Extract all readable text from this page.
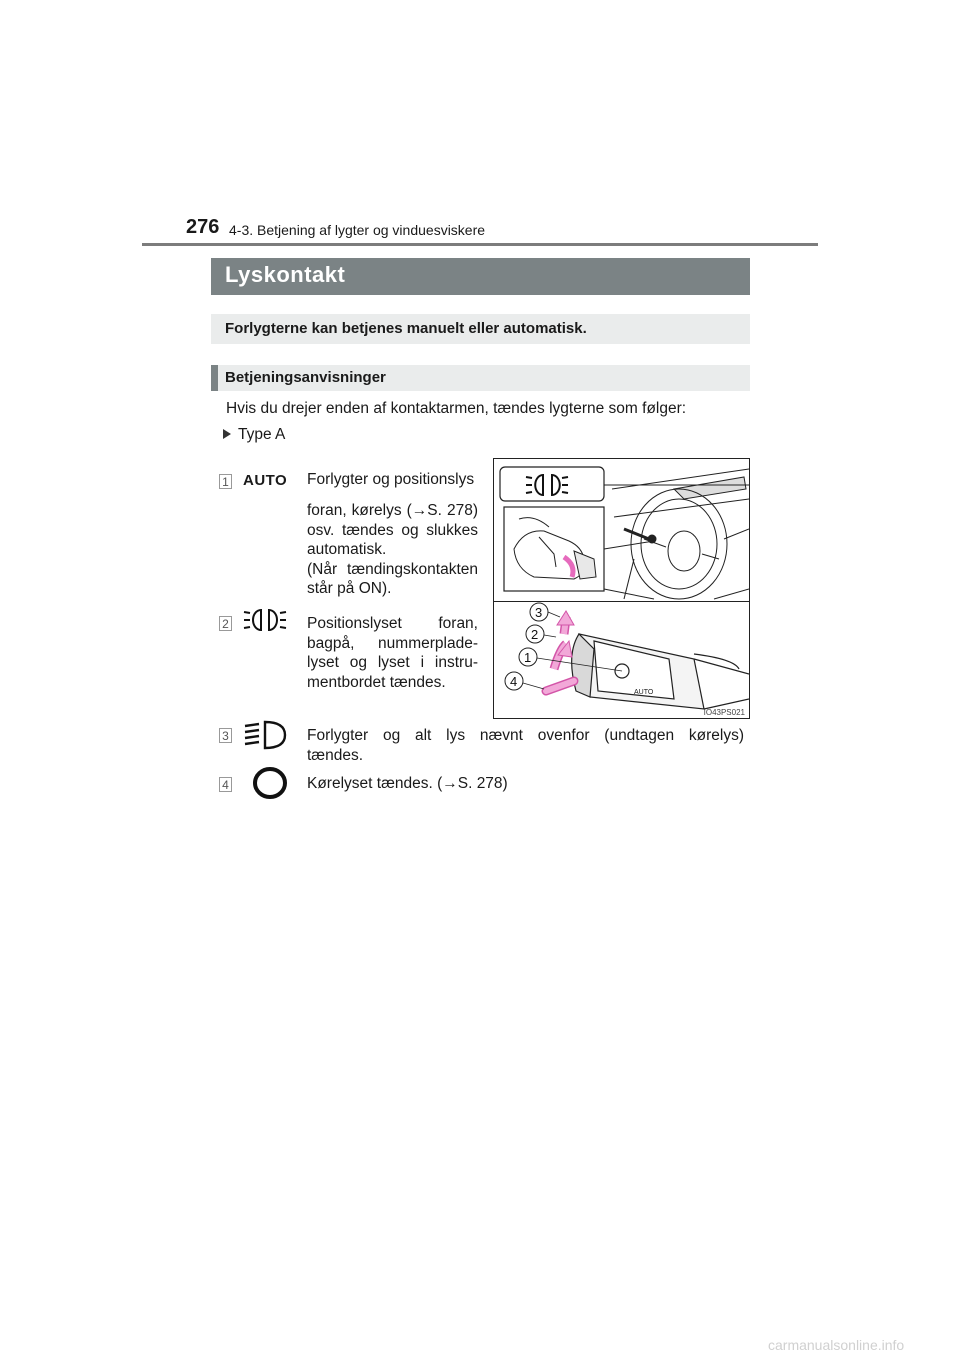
276 4-3. Betjening af lygter og vinduesviskere
Lyskontakt
Forlygterne kan betjenes manuelt eller automatisk.
Betjeningsanvisninger
Hvis du drejer enden af kontaktarmen, tændes lygterne som følger:
Type A
1 AUTO Forlygter og positionslys

foran, kørelys (→S. 278)

osv. tændes og slukkes

automatisk.

(Når tændingskontakten

står på ON).

2	Positionslyset foran,

bagpå, nummerplade-

lyset og lyset i instru-

mentbordet tændes.

3	Forlygter og alt lys nævnt ovenfor (undtagen kørelys)

tændes.

4	Kørelyset tændes. (→S. 278)

AUTO
3
2
1
4
IO43PS021
carmanualsonline.info
